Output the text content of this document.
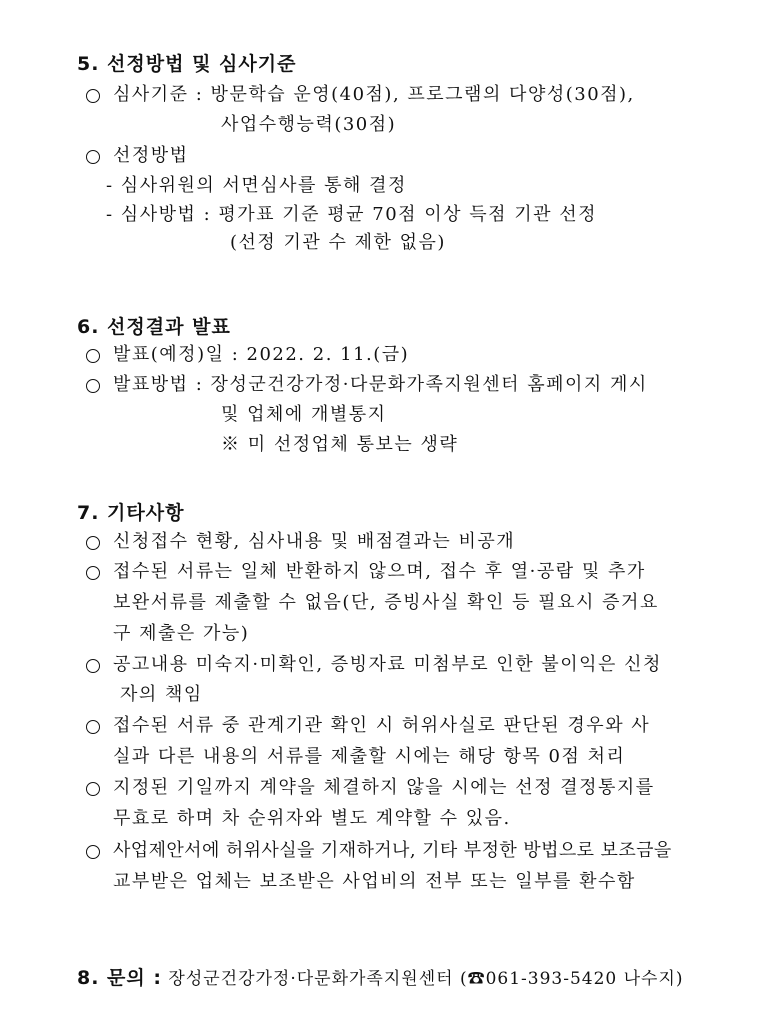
5. 선정방법 및 심사기준
심사기준 : 방문학습 운영(40점), 프로그램의 다양성(30점),
사업수행능력(30점)
선정방법
- 심사위원의 서면심사를 통해 결정
- 심사방법 : 평가표 기준 평균 70점 이상 득점 기관 선정
(선정 기관 수 제한 없음)
6. 선정결과 발표
발표(예정)일 : 2022. 2. 11.(금)
발표방법 : 장성군건강가정·다문화가족지원센터 홈페이지 게시
및 업체에 개별통지
※ 미 선정업체 통보는 생략
7. 기타사항
신청접수 현황, 심사내용 및 배점결과는 비공개
접수된 서류는 일체 반환하지 않으며, 접수 후 열·공람 및 추가
보완서류를 제출할 수 없음(단, 증빙사실 확인 등 필요시 증거요
구 제출은 가능)
공고내용 미숙지·미확인, 증빙자료 미첨부로 인한 불이익은 신청
자의 책임
접수된 서류 중 관계기관 확인 시 허위사실로 판단된 경우와 사
실과 다른 내용의 서류를 제출할 시에는 해당 항목 0점 처리
지정된 기일까지 계약을 체결하지 않을 시에는 선정 결정통지를
무효로 하며 차 순위자와 별도 계약할 수 있음.
사업제안서에 허위사실을 기재하거나, 기타 부정한 방법으로 보조금을
교부받은 업체는 보조받은 사업비의 전부 또는 일부를 환수함
8. 문의 : 장성군건강가정·다문화가족지원센터 (☎061-393-5420 나수지)
